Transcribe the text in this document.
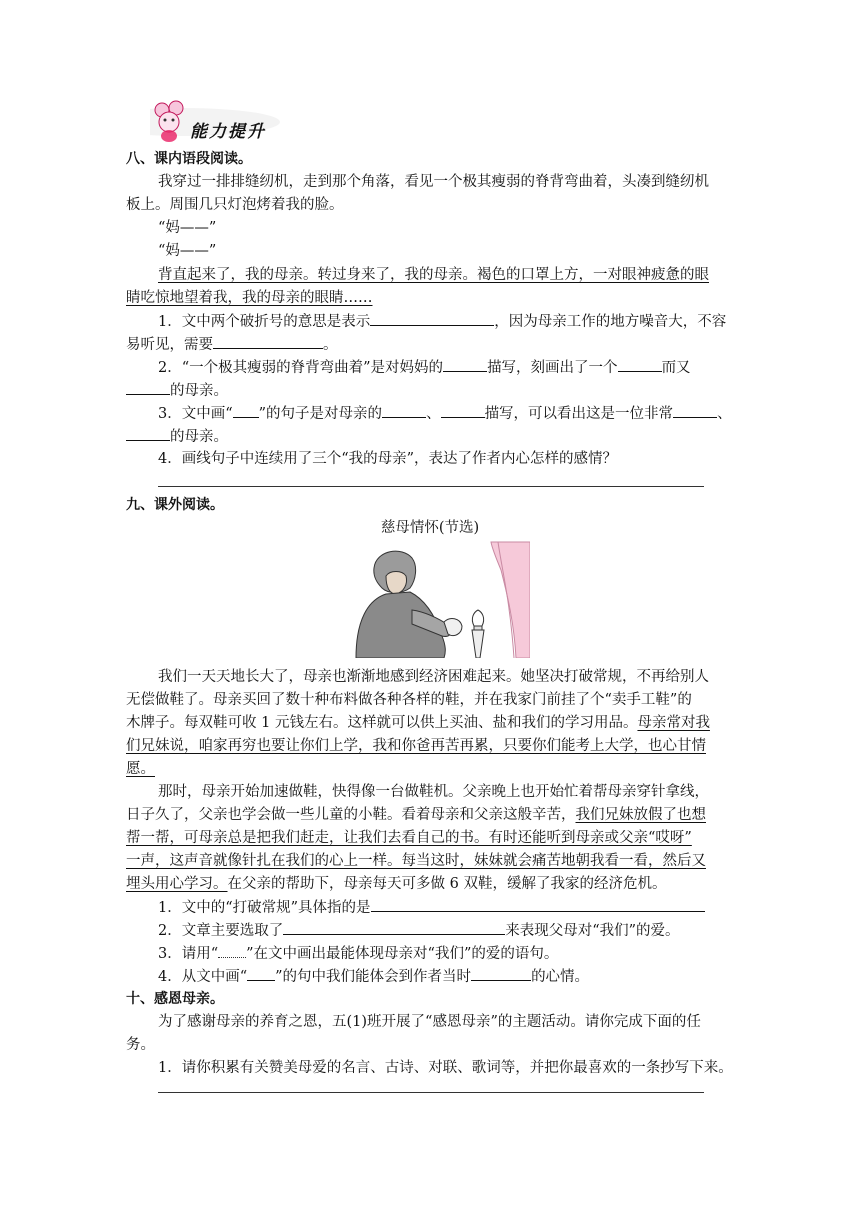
能力提升
八、课内语段阅读。
我穿过一排排缝纫机，走到那个角落，看见一个极其瘦弱的脊背弯曲着，头凑到缝纫机
板上。周围几只灯泡烤着我的脸。
“妈——”
“妈——”
背直起来了，我的母亲。转过身来了，我的母亲。褐色的口罩上方，一对眼神疲惫的眼
睛吃惊地望着我，我的母亲的眼睛……
1．文中两个破折号的意思是表示	，因为母亲工作的地方噪音大，不容
易听见，需要	。
2．“一个极其瘦弱的脊背弯曲着”是对妈妈的	描写，刻画出了一个	而又
的母亲。
3．文中画“ ”的句子是对母亲的	、	描写，可以看出这是一位非常	、
的母亲。
4．画线句子中连续用了三个“我的母亲”，表达了作者内心怎样的感情？
九、课外阅读。
慈母情怀(节选)
我们一天天地长大了，母亲也渐渐地感到经济困难起来。她坚决打破常规，不再给别人
无偿做鞋了。母亲买回了数十种布料做各种各样的鞋，并在我家门前挂了个“卖手工鞋”的
木牌子。每双鞋可收 1 元钱左右。这样就可以供上买油、盐和我们的学习用品。母亲常对我
们兄妹说，咱家再穷也要让你们上学，我和你爸再苦再累，只要你们能考上大学，也心甘情
愿。
那时，母亲开始加速做鞋，快得像一台做鞋机。父亲晚上也开始忙着帮母亲穿针拿线，
日子久了，父亲也学会做一些儿童的小鞋。看着母亲和父亲这般辛苦，我们兄妹放假了也想
帮一帮，可母亲总是把我们赶走，让我们去看自己的书。有时还能听到母亲或父亲“哎呀”
一声，这声音就像针扎在我们的心上一样。每当这时，妹妹就会痛苦地朝我看一看，然后又
埋头用心学习。在父亲的帮助下，母亲每天可多做 6 双鞋，缓解了我家的经济危机。
1．文中的“打破常规”具体指的是
2．文章主要选取了	来表现父母对“我们”的爱。
3．请用“ ”在文中画出最能体现母亲对“我们”的爱的语句。
4．从文中画“ ”的句中我们能体会到作者当时	的心情。
十、感恩母亲。
为了感谢母亲的养育之恩，五(1)班开展了“感恩母亲”的主题活动。请你完成下面的任
务。
1．请你积累有关赞美母爱的名言、古诗、对联、歌词等，并把你最喜欢的一条抄写下来。
